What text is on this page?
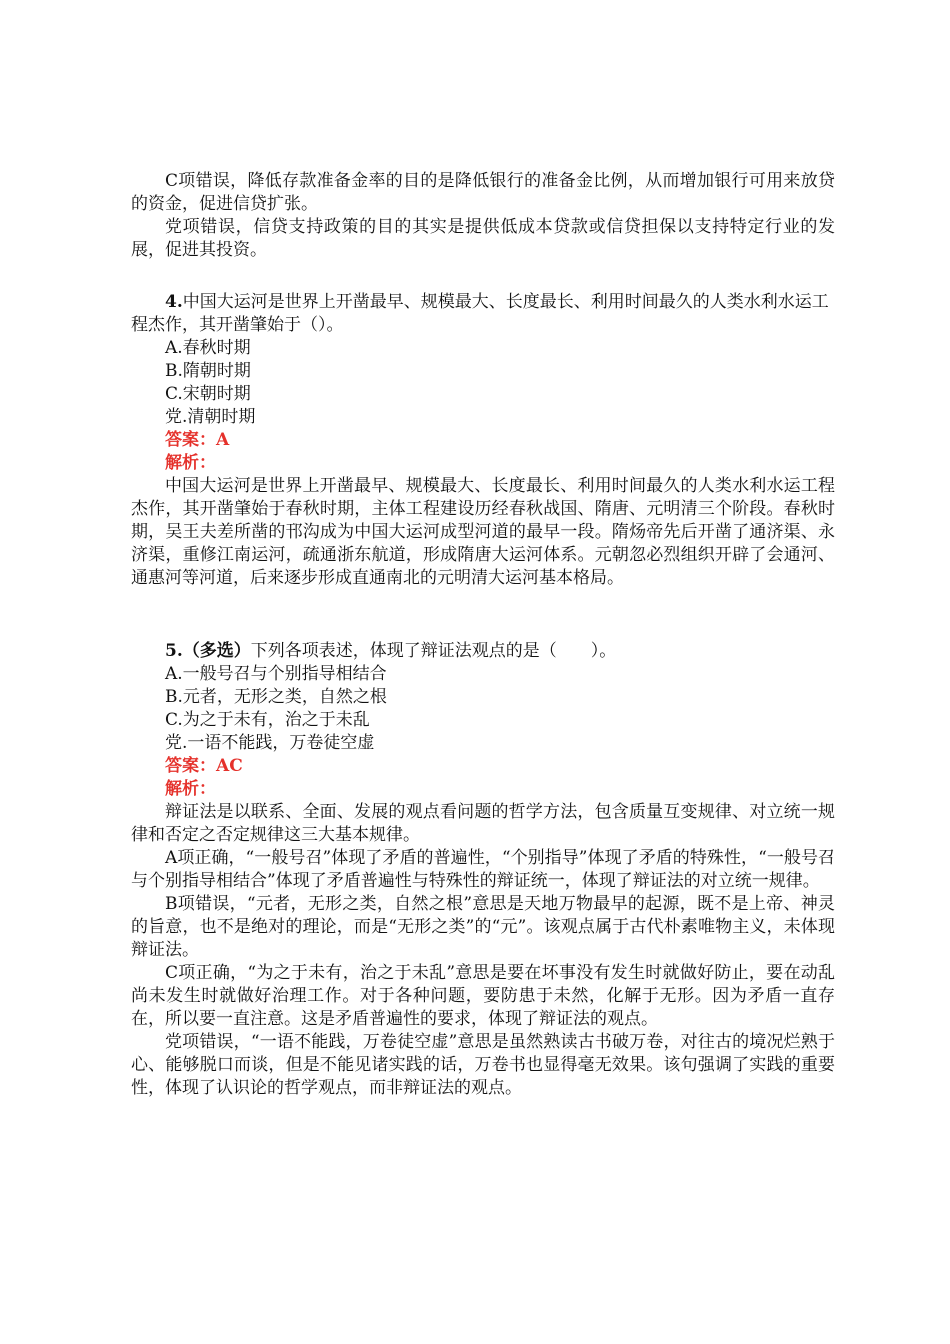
C项错误，降低存款准备金率的目的是降低银行的准备金比例，从而增加银行可用来放贷的资金，促进信贷扩张。

党项错误，信贷支持政策的目的其实是提供低成本贷款或信贷担保以支持特定行业的发展，促进其投资。

4.中国大运河是世界上开凿最早、规模最大、长度最长、利用时间最久的人类水利水运工程杰作，其开凿肇始于（）。

A.春秋时期

B.隋朝时期

C.宋朝时期

党.清朝时期

答案：A

解析：

中国大运河是世界上开凿最早、规模最大、长度最长、利用时间最久的人类水利水运工程杰作，其开凿肇始于春秋时期，主体工程建设历经春秋战国、隋唐、元明清三个阶段。春秋时期，吴王夫差所凿的邗沟成为中国大运河成型河道的最早一段。隋炀帝先后开凿了通济渠、永济渠，重修江南运河，疏通浙东航道，形成隋唐大运河体系。元朝忽必烈组织开辟了会通河、通惠河等河道，后来逐步形成直通南北的元明清大运河基本格局。

5.（多选）下列各项表述，体现了辩证法观点的是（　　）。

A.一般号召与个别指导相结合

B.元者，无形之类，自然之根

C.为之于未有，治之于未乱

党.一语不能践，万卷徒空虚

答案：AC

解析：

辩证法是以联系、全面、发展的观点看问题的哲学方法，包含质量互变规律、对立统一规律和否定之否定规律这三大基本规律。

A项正确，“一般号召”体现了矛盾的普遍性，“个别指导”体现了矛盾的特殊性，“一般号召与个别指导相结合”体现了矛盾普遍性与特殊性的辩证统一，体现了辩证法的对立统一规律。

B项错误，“元者，无形之类，自然之根”意思是天地万物最早的起源，既不是上帝、神灵的旨意，也不是绝对的理论，而是“无形之类”的“元”。该观点属于古代朴素唯物主义，未体现辩证法。

C项正确，“为之于未有，治之于未乱”意思是要在坏事没有发生时就做好防止，要在动乱尚未发生时就做好治理工作。对于各种问题，要防患于未然，化解于无形。因为矛盾一直存在，所以要一直注意。这是矛盾普遍性的要求，体现了辩证法的观点。

党项错误，“一语不能践，万卷徒空虚”意思是虽然熟读古书破万卷，对往古的境况烂熟于心、能够脱口而谈，但是不能见诸实践的话，万卷书也显得毫无效果。该句强调了实践的重要性，体现了认识论的哲学观点，而非辩证法的观点。
